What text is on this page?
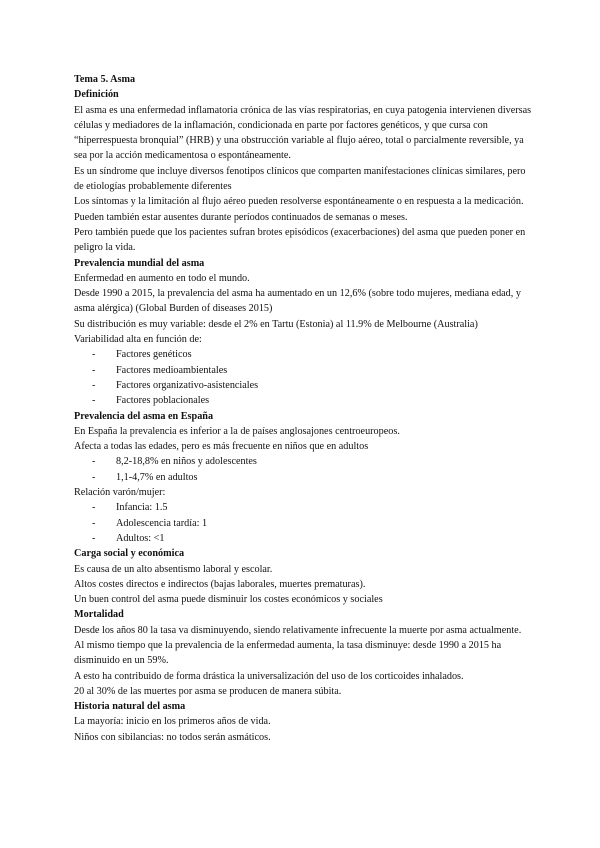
Tema 5. Asma
Definición

El asma es una enfermedad inflamatoria crónica de las vías respiratorias, en cuya patogenia intervienen diversas células y mediadores de la inflamación, condicionada en parte por factores genéticos, y que cursa con “hiperrespuesta bronquial” (HRB) y una obstrucción variable al flujo aéreo, total o parcialmente reversible, ya sea por la acción medicamentosa o espontáneamente.

Es un síndrome que incluye diversos fenotipos clínicos que comparten manifestaciones clínicas similares, pero de etiologías probablemente diferentes

Los síntomas y la limitación al flujo aéreo pueden resolverse espontáneamente o en respuesta a la medicación.

Pueden también estar ausentes durante períodos continuados de semanas o meses.

Pero también puede que los pacientes sufran brotes episódicos (exacerbaciones) del asma que pueden poner en peligro la vida.

Prevalencia mundial del asma

Enfermedad en aumento en todo el mundo.

Desde 1990 a 2015, la prevalencia del asma ha aumentado en un 12,6% (sobre todo mujeres, mediana edad, y asma alérgica) (Global Burden of diseases 2015)

Su distribución es muy variable: desde el 2% en Tartu (Estonia) al 11.9% de Melbourne (Australia)

Variabilidad alta en función de:

- Factores genéticos
- Factores medioambientales
- Factores organizativo-asistenciales
- Factores poblacionales
Prevalencia del asma en España

En España la prevalencia es inferior a la de países anglosajones centroeuropeos.

Afecta a todas las edades, pero es más frecuente en niños que en adultos

- 8,2-18,8% en niños y adolescentes
- 1,1-4,7% en adultos

Relación varón/mujer:

- Infancia: 1.5
- Adolescencia tardía: 1
- Adultos: <1
Carga social y económica

Es causa de un alto absentismo laboral y escolar.

Altos costes directos e indirectos (bajas laborales, muertes prematuras).

Un buen control del asma puede disminuir los costes económicos y sociales

Mortalidad

Desde los años 80 la tasa va disminuyendo, siendo relativamente infrecuente la muerte por asma actualmente.

Al mismo tiempo que la prevalencia de la enfermedad aumenta, la tasa disminuye: desde 1990 a 2015 ha disminuido en un 59%.

A esto ha contribuido de forma drástica la universalización del uso de los corticoides inhalados.

20 al 30% de las muertes por asma se producen de manera súbita.

Historia natural del asma

La mayoría: inicio en los primeros años de vida.

Niños con sibilancias: no todos serán asmáticos.
